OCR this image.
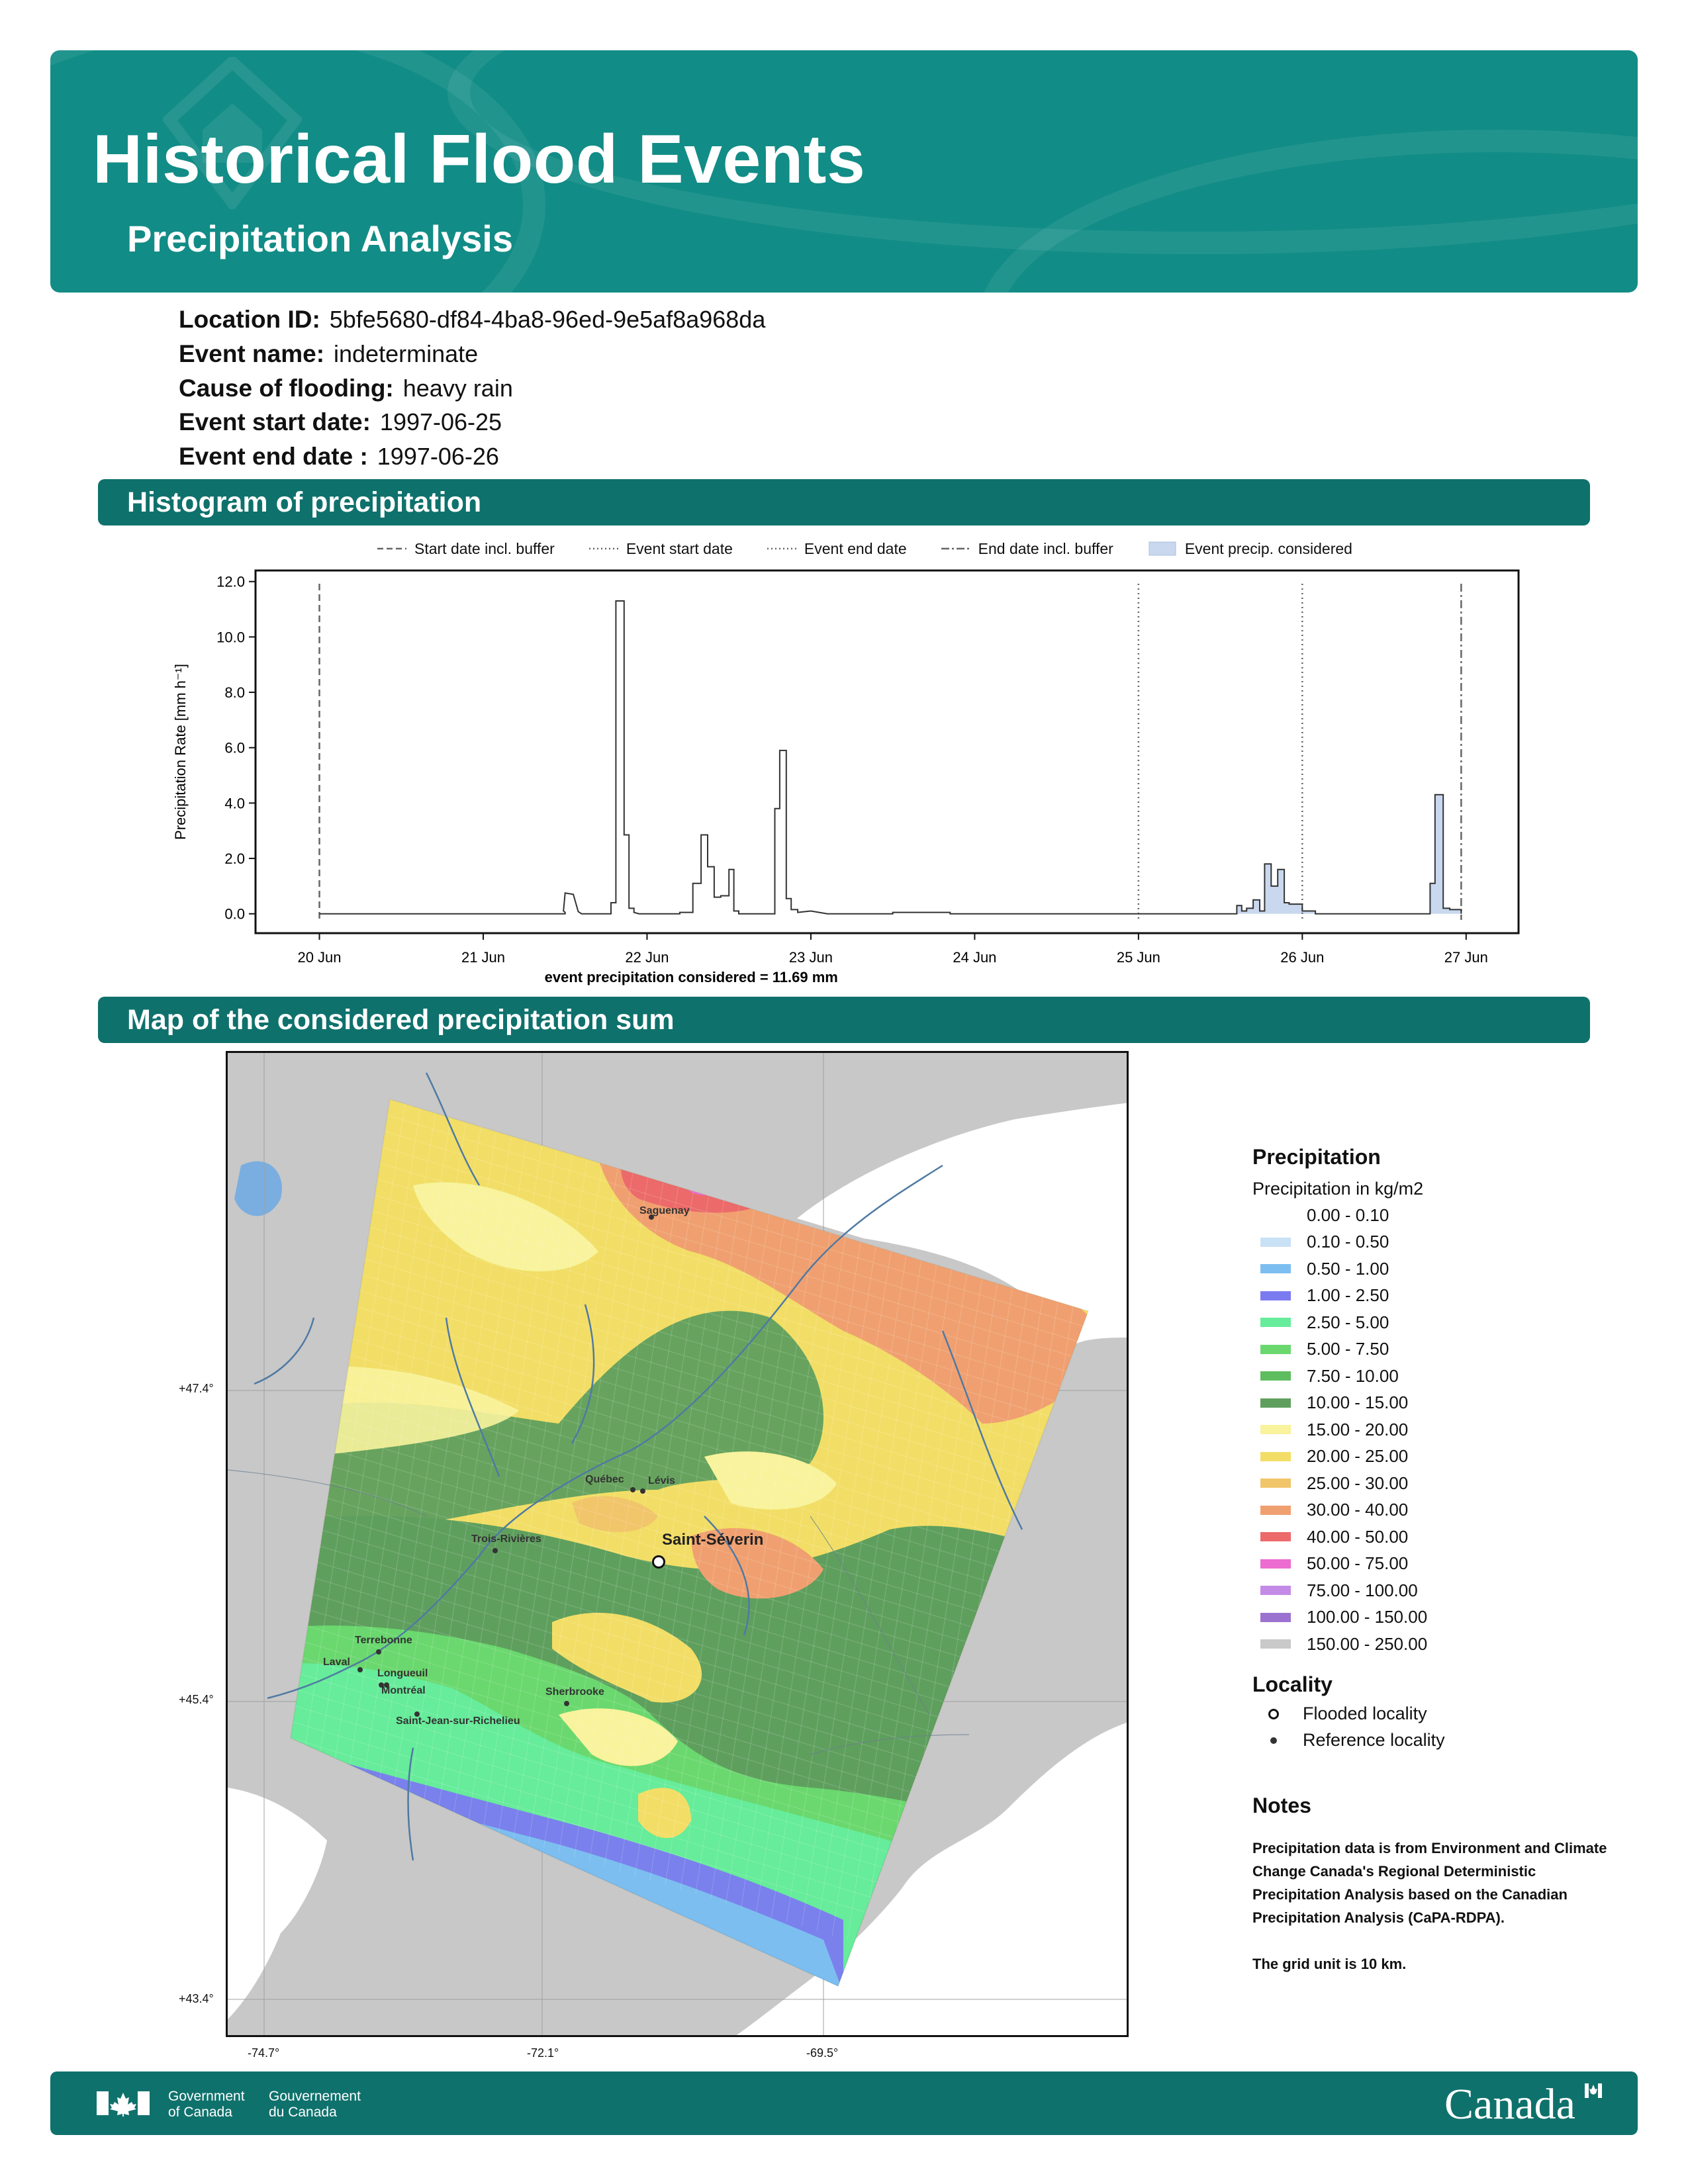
Historical Flood Events
Precipitation Analysis
Location ID: 5bfe5680-df84-4ba8-96ed-9e5af8a968da
Event name: indeterminate
Cause of flooding: heavy rain
Event start date: 1997-06-25
Event end date : 1997-06-26
Histogram of precipitation
Start date incl. buffer	Event start date	Event end date	End date incl. buffer	Event precip. considered
0.0
2.0
4.0
6.0
8.0
10.0
12.0
20 Jun	21 Jun	22 Jun	23 Jun	24 Jun	25 Jun	26 Jun	27 Jun
Precipitation Rate [mm h⁻¹]
event precipitation considered = 11.69 mm
Map of the considered precipitation sum
Saguenay
Québec Lévis
Trois-Rivières	Saint-Séverin
Terrebonne
Laval
Longueuil
Montréal	Sherbrooke
Saint-Jean-sur-Richelieu
+47.4°
+45.4°
+43.4°
-74.7°	-72.1°	-69.5°
Precipitation
Precipitation in kg/m2
0.00 - 0.10
0.10 - 0.50
0.50 - 1.00
1.00 - 2.50
2.50 - 5.00
5.00 - 7.50
7.50 - 10.00
10.00 - 15.00
15.00 - 20.00
20.00 - 25.00
25.00 - 30.00
30.00 - 40.00
40.00 - 50.00
50.00 - 75.00
75.00 - 100.00
100.00 - 150.00
150.00 - 250.00
Locality
Flooded locality
Reference locality
Notes
Precipitation data is from Environment and Climate Change Canada's Regional Deterministic Precipitation Analysis based on the Canadian Precipitation Analysis (CaPA-RDPA).
The grid unit is 10 km.
Government
of Canada
Gouvernement
du Canada	Canada
